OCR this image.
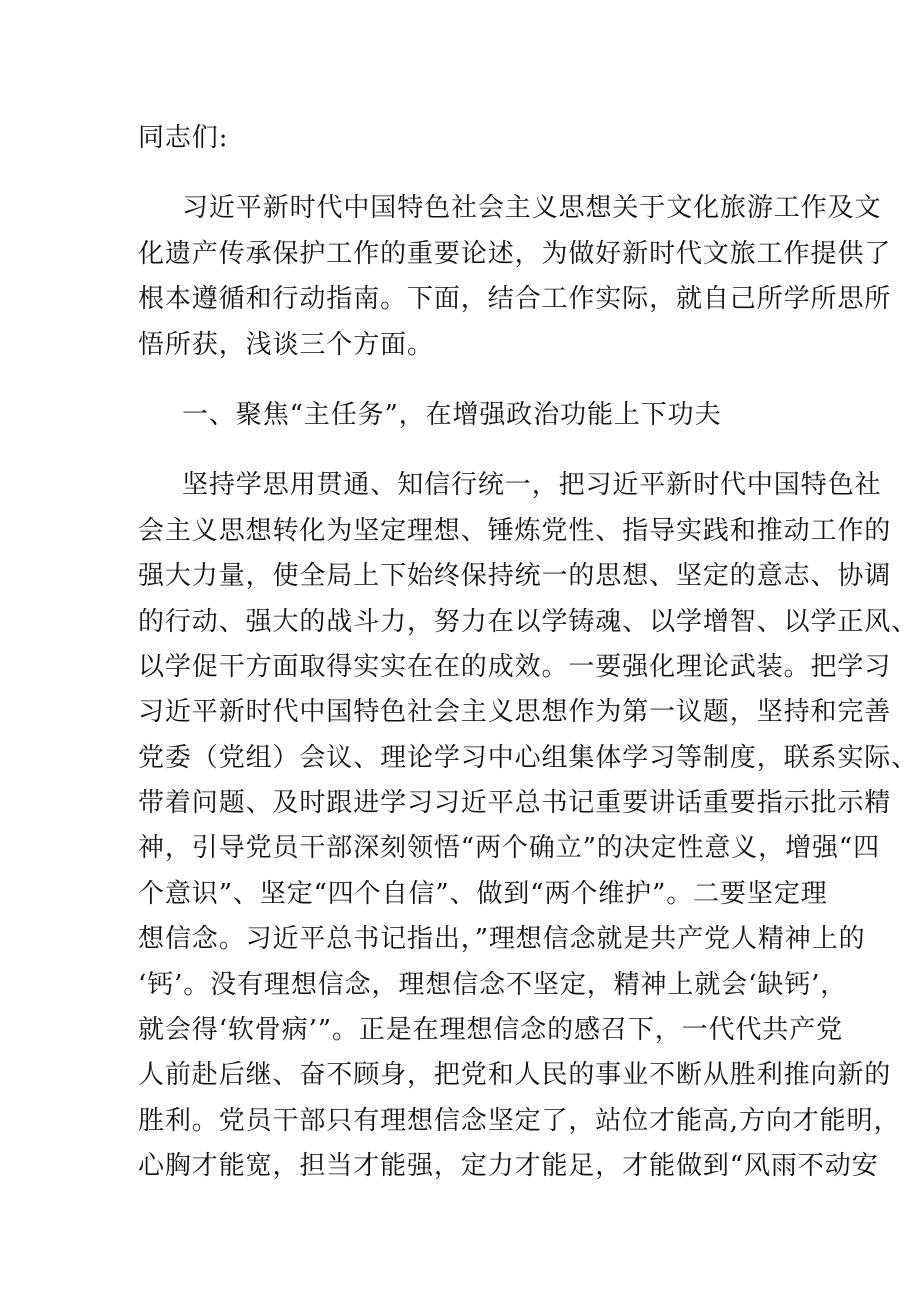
同志们:
习近平新时代中国特色社会主义思想关于文化旅游工作及文
化遗产传承保护工作的重要论述，为做好新时代文旅工作提供了
根本遵循和行动指南。下面，结合工作实际，就自己所学所思所
悟所获，浅谈三个方面。
一、聚焦“主任务”，在增强政治功能上下功夫
坚持学思用贯通、知信行统一，把习近平新时代中国特色社
会主义思想转化为坚定理想、锤炼党性、指导实践和推动工作的
强大力量，使全局上下始终保持统一的思想、坚定的意志、协调
的行动、强大的战斗力，努力在以学铸魂、以学增智、以学正风、
以学促干方面取得实实在在的成效。一要强化理论武装。把学习
习近平新时代中国特色社会主义思想作为第一议题，坚持和完善
党委（党组）会议、理论学习中心组集体学习等制度，联系实际、
带着问题、及时跟进学习习近平总书记重要讲话重要指示批示精
神，引导党员干部深刻领悟“两个确立”的决定性意义，增强“四
个意识”、坚定“四个自信”、做到“两个维护”。二要坚定理
想信念。习近平总书记指出，”理想信念就是共产党人精神上的
‘钙’。没有理想信念，理想信念不坚定，精神上就会‘缺钙’，
就会得‘软骨病’”。正是在理想信念的感召下，一代代共产党
人前赴后继、奋不顾身，把党和人民的事业不断从胜利推向新的
胜利。党员干部只有理想信念坚定了，站位才能高,方向才能明，
心胸才能宽，担当才能强，定力才能足，才能做到“风雨不动安
